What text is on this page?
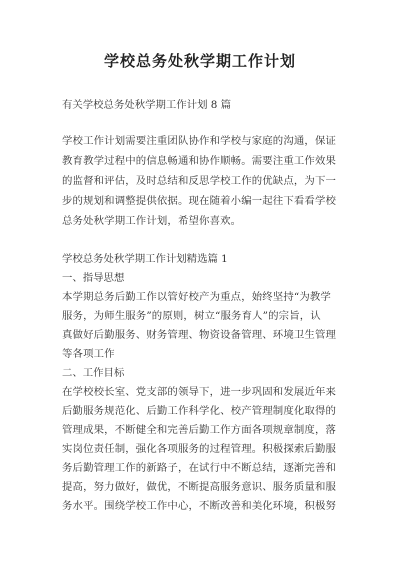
学校总务处秋学期工作计划

有关学校总务处秋学期工作计划 8 篇

学校工作计划需要注重团队协作和学校与家庭的沟通，保证

教育教学过程中的信息畅通和协作顺畅。需要注重工作效果

的监督和评估，及时总结和反思学校工作的优缺点，为下一

步的规划和调整提供依据。现在随着小编一起往下看看学校

总务处秋学期工作计划，希望你喜欢。

学校总务处秋学期工作计划精选篇 1

一、指导思想

本学期总务后勤工作以管好校产为重点，始终坚持“为教学

服务，为师生服务”的原则，树立“服务育人”的宗旨，认

真做好后勤服务、财务管理、物资设备管理、环境卫生管理

等各项工作

二、工作目标

在学校校长室、党支部的领导下，进一步巩固和发展近年来

后勤服务规范化、后勤工作科学化、校产管理制度化取得的

管理成果，不断健全和完善后勤工作方面各项规章制度，落

实岗位责任制，强化各项服务的过程管理。积极探索后勤服

务后勤管理工作的新路子，在试行中不断总结，逐渐完善和

提高，努力做好，做优，不断提高服务意识、服务质量和服

务水平。围绕学校工作中心，不断改善和美化环境，积极努
